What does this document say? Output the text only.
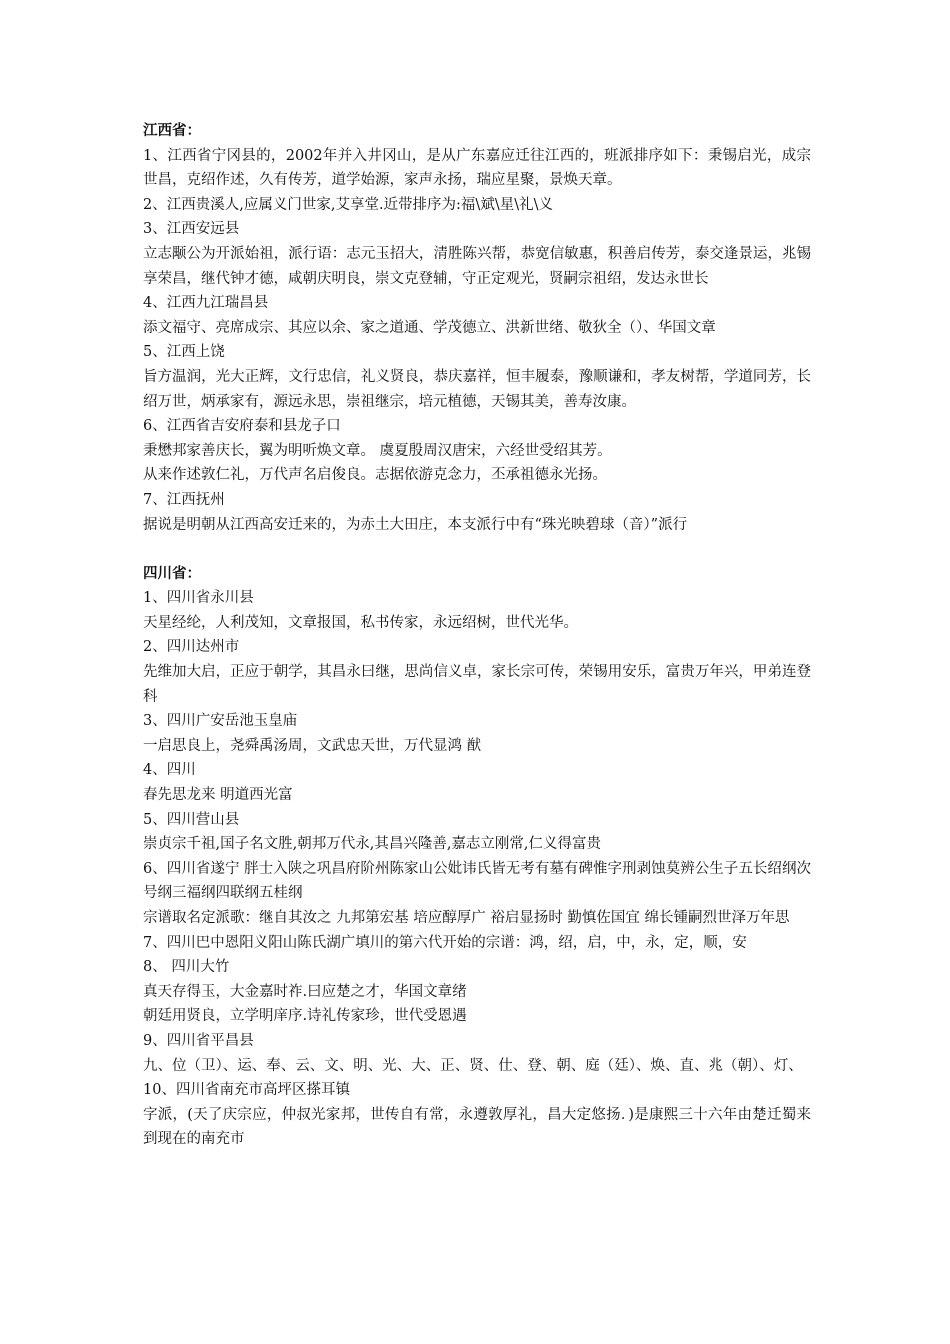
江西省：

1、江西省宁冈县的，2002年并入井冈山，是从广东嘉应迁往江西的，班派排序如下：秉锡启光，成宗世昌，克绍作述，久有传芳，道学始源，家声永扬，瑞应星聚，景焕天章。

2、江西贵溪人,应属义门世家,艾享堂.近带排序为:福\斌\星\礼\义

3、江西安远县

立志颙公为开派始祖，派行语：志元玉招大，清胜陈兴帮，恭宽信敏惠，积善启传芳，泰交逢景运，兆锡享荣昌，继代钟才德，咸朝庆明良，崇文克登辅，守正定观光，贤嗣宗祖绍，发达永世长

4、江西九江瑞昌县

添文福守、亮席成宗、其应以余、家之道通、学茂德立、洪新世绪、敬狄全（）、华国文章

5、江西上饶

旨方温润，光大正辉，文行忠信，礼义贤良，恭庆嘉祥，恒丰履泰，豫顺谦和，孝友树帮，学道同芳，长绍万世，炳承家有，源远永思，崇祖继宗，培元植德，天锡其美，善寿汝康。

6、江西省吉安府泰和县龙子口

秉懋邦家善庆长，翼为明听焕文章。 虞夏殷周汉唐宋，六经世受绍其芳。

从来作述敦仁礼，万代声名启俊良。志据依游克念力，丕承祖德永光扬。

7、江西抚州

据说是明朝从江西高安迁来的，为赤土大田庄，本支派行中有“珠光映碧球（音）”派行

四川省：

1、四川省永川县

天星经纶，人利茂知，文章报国，私书传家，永远绍树，世代光华。

2、四川达州市

先维加大启，正应于朝学，其昌永曰继，思尚信义卓，家长宗可传，荣锡用安乐，富贵万年兴，甲弟连登科

3、四川广安岳池玉皇庙

一启思良上，尧舜禹汤周，文武忠天世，万代显鸿 猷

4、四川

春先思龙来 明道西光富

5、四川营山县

崇贞宗千祖,国子名文胜,朝邦万代永,其昌兴隆善,嘉志立刚常,仁义得富贵

6、四川省遂宁 胖士入陕之巩昌府阶州陈家山公妣讳氏皆无考有墓有碑惟字刑剥蚀莫辨公生子五长绍纲次号纲三福纲四联纲五桂纲

宗谱取名定派歌：继自其汝之 九邦第宏基 培应醇厚广 裕启显扬时 勤慎佐国宜 绵长锺嗣烈世泽万年思

7、四川巴中恩阳义阳山陈氏湖广填川的第六代开始的宗谱：鸿，绍，启，中，永，定，顺，安

8、 四川大竹

真天存得玉，大金嘉时祚.曰应楚之才，华国文章绪

朝廷用贤良，立学明庠序.诗礼传家珍，世代受恩遇

9、四川省平昌县

九、位（卫）、运、奉、云、文、明、光、大、正、贤、仕、登、朝、庭（廷）、焕、直、兆（朝）、灯、

10、四川省南充市高坪区搽耳镇

字派，(天了庆宗应，仲叔光家邦，世传自有常，永遵敦厚礼，昌大定悠扬．)是康熙三十六年由楚迁蜀来到现在的南充市
